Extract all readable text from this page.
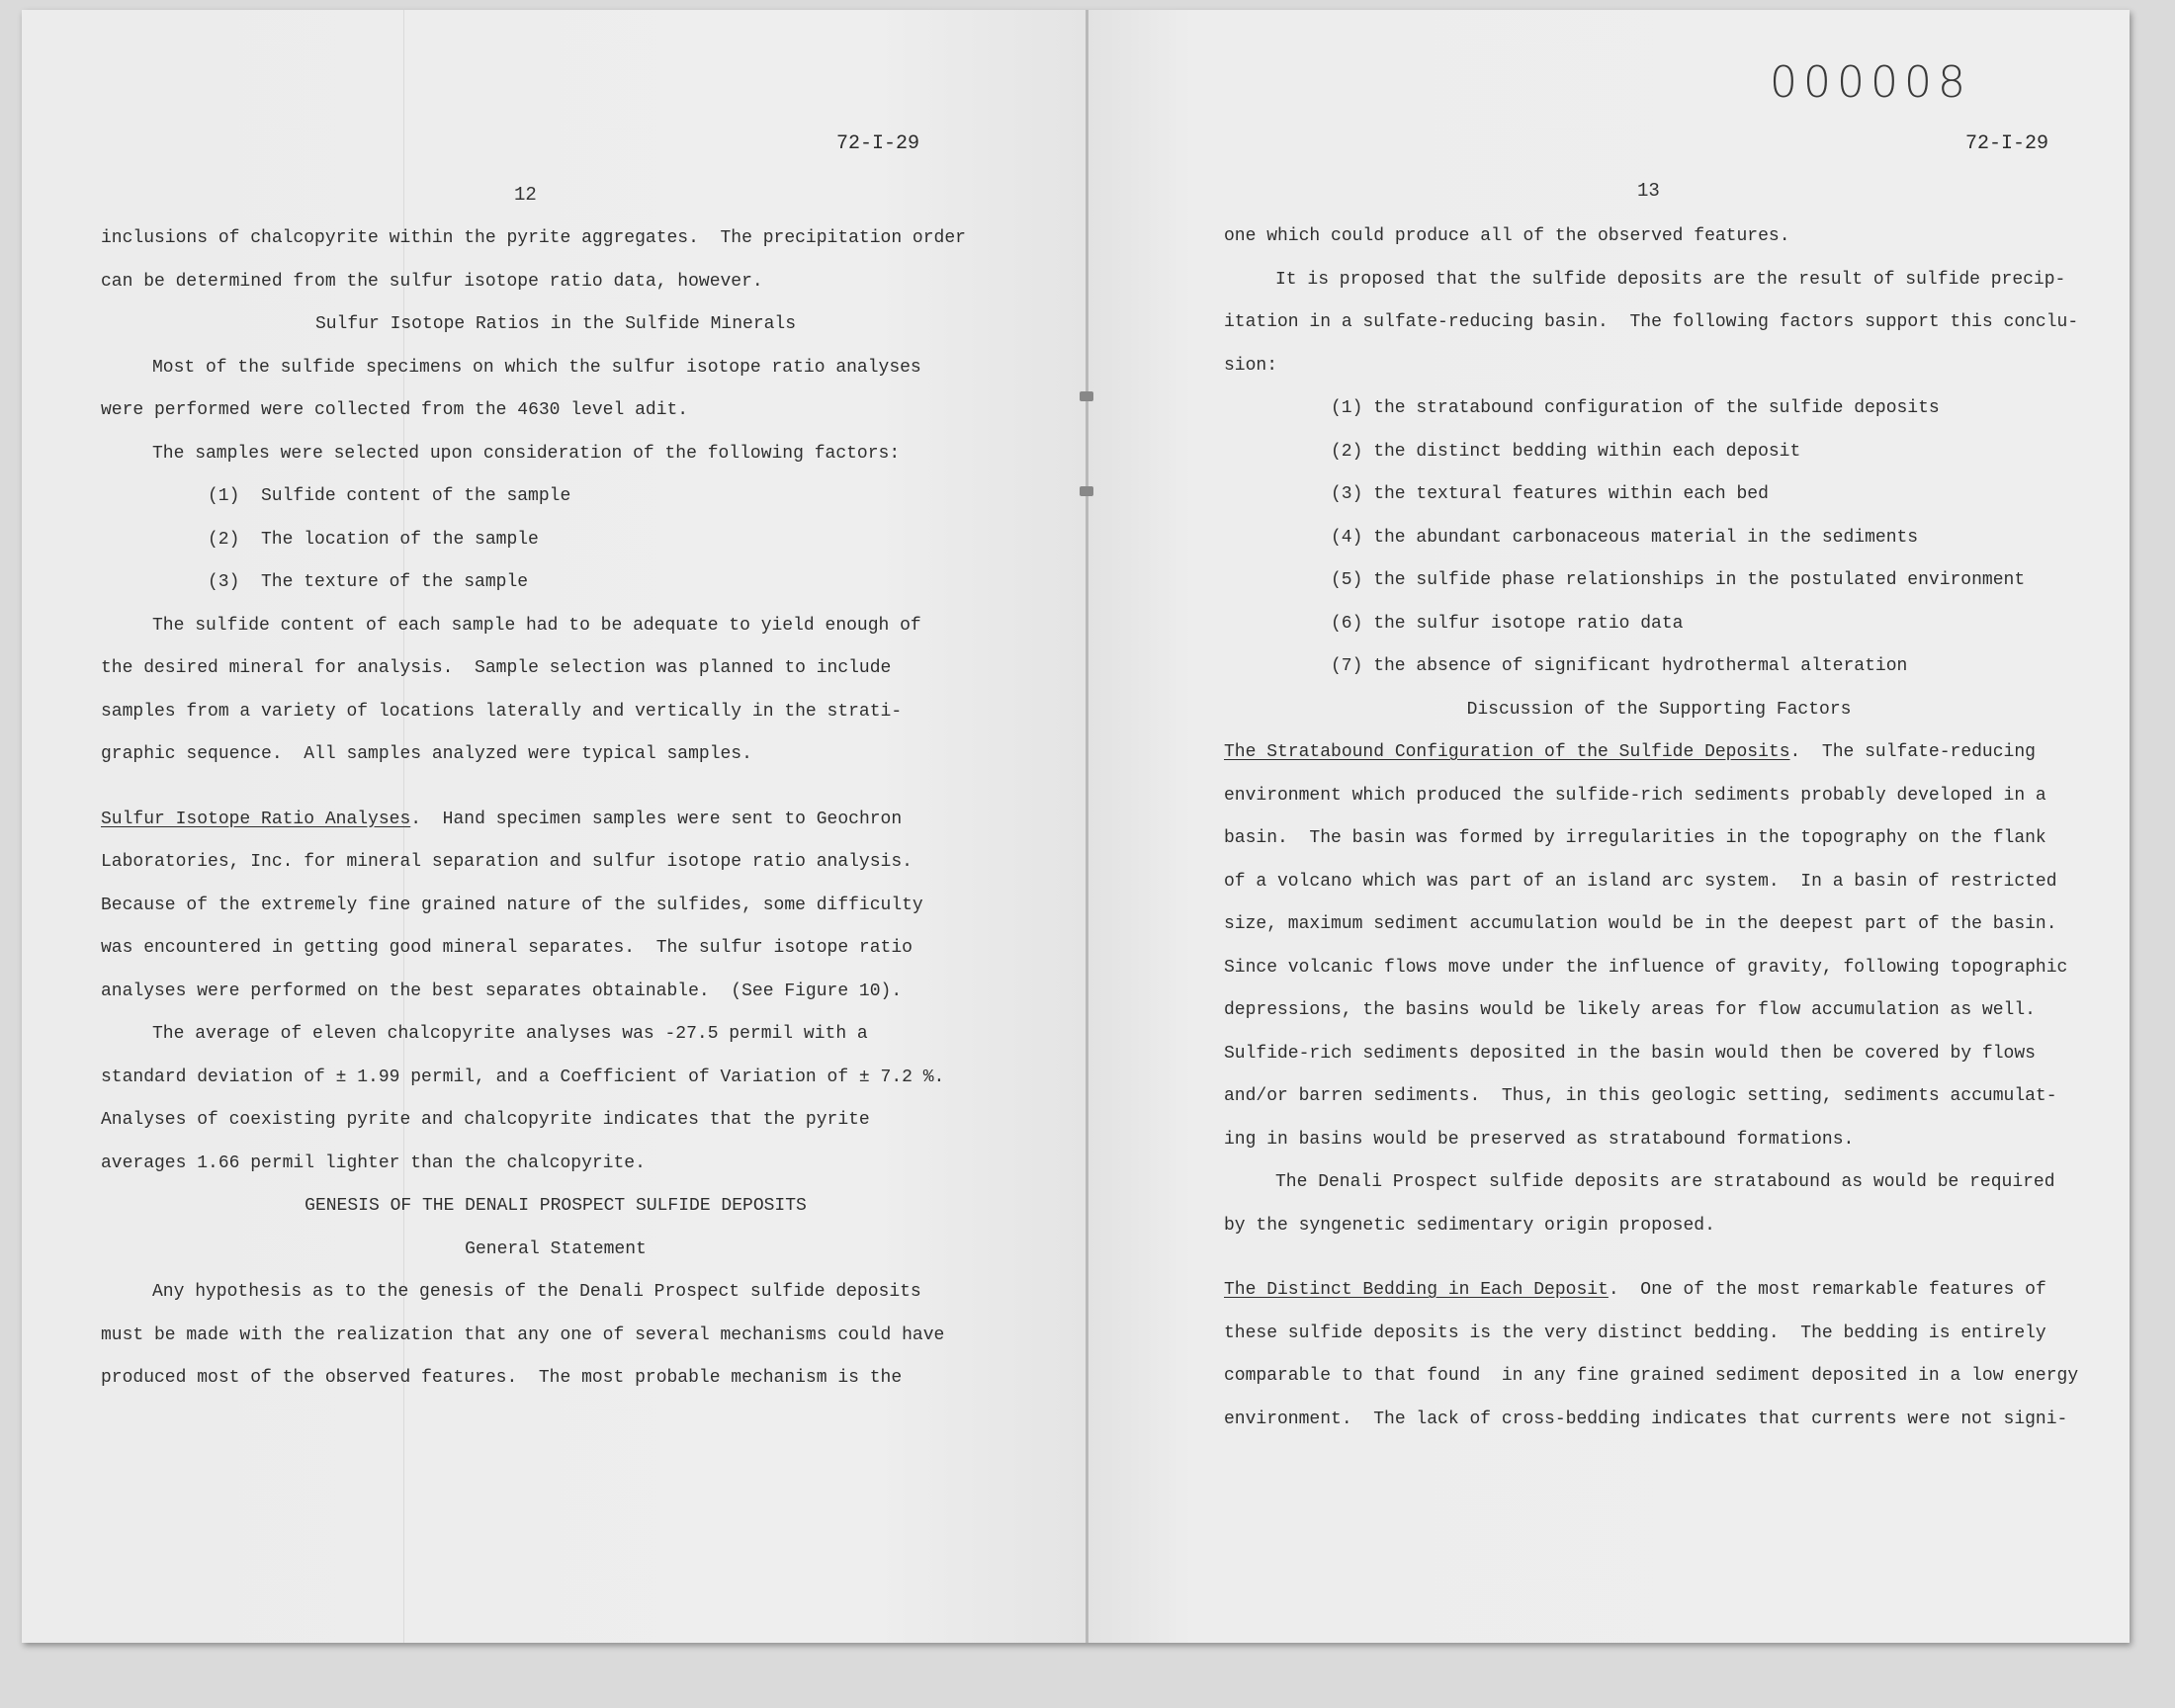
72-I-29
12

inclusions of chalcopyrite within the pyrite aggregates.  The precipitation order

can be determined from the sulfur isotope ratio data, however.

Sulfur Isotope Ratios in the Sulfide Minerals

Most of the sulfide specimens on which the sulfur isotope ratio analyses

were performed were collected from the 4630 level adit.

The samples were selected upon consideration of the following factors:

(1)  Sulfide content of the sample

(2)  The location of the sample

(3)  The texture of the sample

The sulfide content of each sample had to be adequate to yield enough of

the desired mineral for analysis.  Sample selection was planned to include

samples from a variety of locations laterally and vertically in the strati-

graphic sequence.  All samples analyzed were typical samples.

Sulfur Isotope Ratio Analyses.  Hand specimen samples were sent to Geochron

Laboratories, Inc. for mineral separation and sulfur isotope ratio analysis.

Because of the extremely fine grained nature of the sulfides, some difficulty

was encountered in getting good mineral separates.  The sulfur isotope ratio

analyses were performed on the best separates obtainable.  (See Figure 10).

The average of eleven chalcopyrite analyses was -27.5 permil with a

standard deviation of ± 1.99 permil, and a Coefficient of Variation of ± 7.2 %.

Analyses of coexisting pyrite and chalcopyrite indicates that the pyrite

averages 1.66 permil lighter than the chalcopyrite.

GENESIS OF THE DENALI PROSPECT SULFIDE DEPOSITS

General Statement

Any hypothesis as to the genesis of the Denali Prospect sulfide deposits

must be made with the realization that any one of several mechanisms could have

produced most of the observed features.  The most probable mechanism is the

000008
72-I-29
13

one which could produce all of the observed features.

It is proposed that the sulfide deposits are the result of sulfide precip-

itation in a sulfate-reducing basin.  The following factors support this conclu-

sion:

(1) the stratabound configuration of the sulfide deposits

(2) the distinct bedding within each deposit

(3) the textural features within each bed

(4) the abundant carbonaceous material in the sediments

(5) the sulfide phase relationships in the postulated environment

(6) the sulfur isotope ratio data

(7) the absence of significant hydrothermal alteration

Discussion of the Supporting Factors

The Stratabound Configuration of the Sulfide Deposits.  The sulfate-reducing

environment which produced the sulfide-rich sediments probably developed in a

basin.  The basin was formed by irregularities in the topography on the flank

of a volcano which was part of an island arc system.  In a basin of restricted

size, maximum sediment accumulation would be in the deepest part of the basin.

Since volcanic flows move under the influence of gravity, following topographic

depressions, the basins would be likely areas for flow accumulation as well.

Sulfide-rich sediments deposited in the basin would then be covered by flows

and/or barren sediments.  Thus, in this geologic setting, sediments accumulat-

ing in basins would be preserved as stratabound formations.

The Denali Prospect sulfide deposits are stratabound as would be required

by the syngenetic sedimentary origin proposed.

The Distinct Bedding in Each Deposit.  One of the most remarkable features of

these sulfide deposits is the very distinct bedding.  The bedding is entirely

comparable to that found  in any fine grained sediment deposited in a low energy

environment.  The lack of cross-bedding indicates that currents were not signi-
